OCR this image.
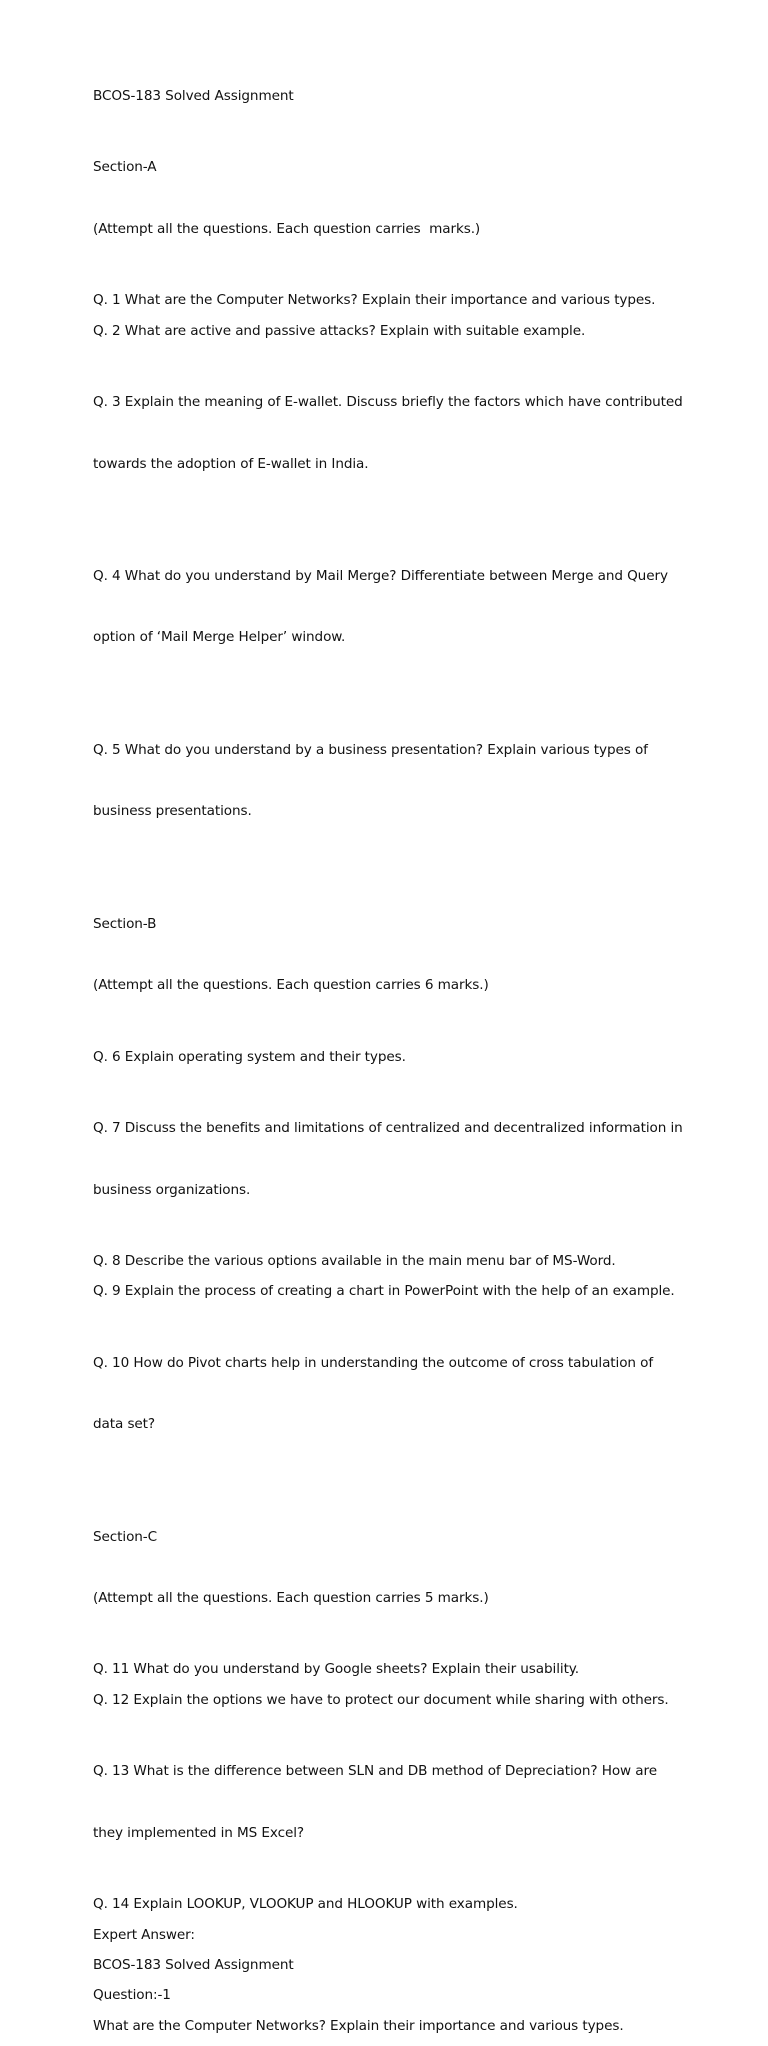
BCOS-183 Solved Assignment

Section-A

(Attempt all the questions. Each question carries  marks.)

Q. 1 What are the Computer Networks? Explain their importance and various types.

Q. 2 What are active and passive attacks? Explain with suitable example.

Q. 3 Explain the meaning of E-wallet. Discuss briefly the factors which have contributed

towards the adoption of E-wallet in India.

Q. 4 What do you understand by Mail Merge? Differentiate between Merge and Query

option of ‘Mail Merge Helper’ window.

Q. 5 What do you understand by a business presentation? Explain various types of

business presentations.

Section-B

(Attempt all the questions. Each question carries 6 marks.)

Q. 6 Explain operating system and their types.

Q. 7 Discuss the benefits and limitations of centralized and decentralized information in

business organizations.

Q. 8 Describe the various options available in the main menu bar of MS-Word.

Q. 9 Explain the process of creating a chart in PowerPoint with the help of an example.

Q. 10 How do Pivot charts help in understanding the outcome of cross tabulation of

data set?

Section-C

(Attempt all the questions. Each question carries 5 marks.)

Q. 11 What do you understand by Google sheets? Explain their usability.

Q. 12 Explain the options we have to protect our document while sharing with others.

Q. 13 What is the difference between SLN and DB method of Depreciation? How are

they implemented in MS Excel?

Q. 14 Explain LOOKUP, VLOOKUP and HLOOKUP with examples.

Expert Answer:

BCOS-183 Solved Assignment

Question:-1

What are the Computer Networks? Explain their importance and various types.
